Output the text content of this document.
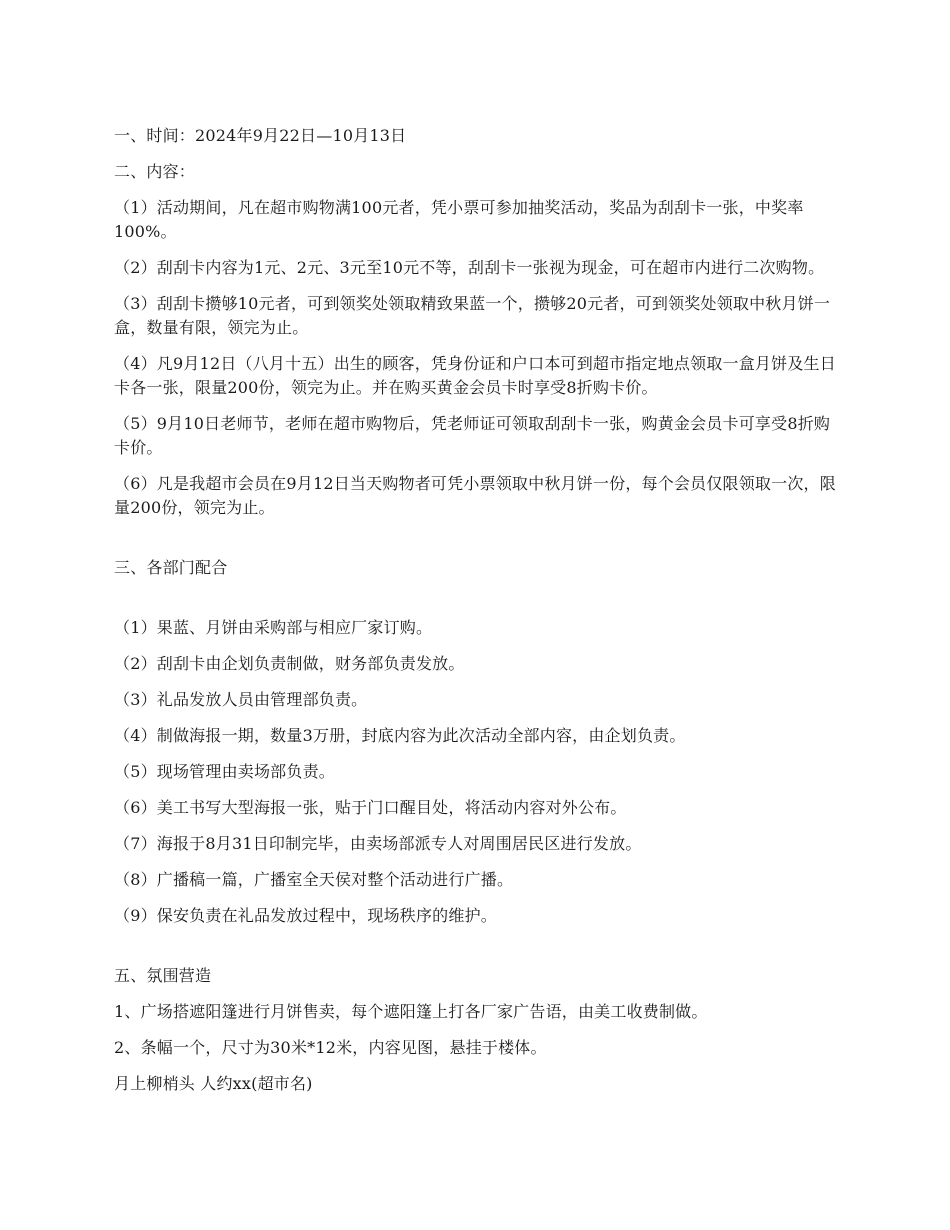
一、时间：2024年9月22日—10月13日

二、内容：

（1）活动期间，凡在超市购物满100元者，凭小票可参加抽奖活动，奖品为刮刮卡一张，中奖率100%。

（2）刮刮卡内容为1元、2元、3元至10元不等，刮刮卡一张视为现金，可在超市内进行二次购物。

（3）刮刮卡攒够10元者，可到领奖处领取精致果蓝一个，攒够20元者，可到领奖处领取中秋月饼一盒，数量有限，领完为止。

（4）凡9月12日（八月十五）出生的顾客，凭身份证和户口本可到超市指定地点领取一盒月饼及生日卡各一张，限量200份，领完为止。并在购买黄金会员卡时享受8折购卡价。

（5）9月10日老师节，老师在超市购物后，凭老师证可领取刮刮卡一张，购黄金会员卡可享受8折购卡价。

（6）凡是我超市会员在9月12日当天购物者可凭小票领取中秋月饼一份，每个会员仅限领取一次，限量200份，领完为止。

三、各部门配合

（1）果蓝、月饼由采购部与相应厂家订购。

（2）刮刮卡由企划负责制做，财务部负责发放。

（3）礼品发放人员由管理部负责。

（4）制做海报一期，数量3万册，封底内容为此次活动全部内容，由企划负责。

（5）现场管理由卖场部负责。

（6）美工书写大型海报一张，贴于门口醒目处，将活动内容对外公布。

（7）海报于8月31日印制完毕，由卖场部派专人对周围居民区进行发放。

（8）广播稿一篇，广播室全天侯对整个活动进行广播。

（9）保安负责在礼品发放过程中，现场秩序的维护。

五、氛围营造

1、广场搭遮阳篷进行月饼售卖，每个遮阳篷上打各厂家广告语，由美工收费制做。

2、条幅一个，尺寸为30米*12米，内容见图，悬挂于楼体。

月上柳梢头 人约xx(超市名)
